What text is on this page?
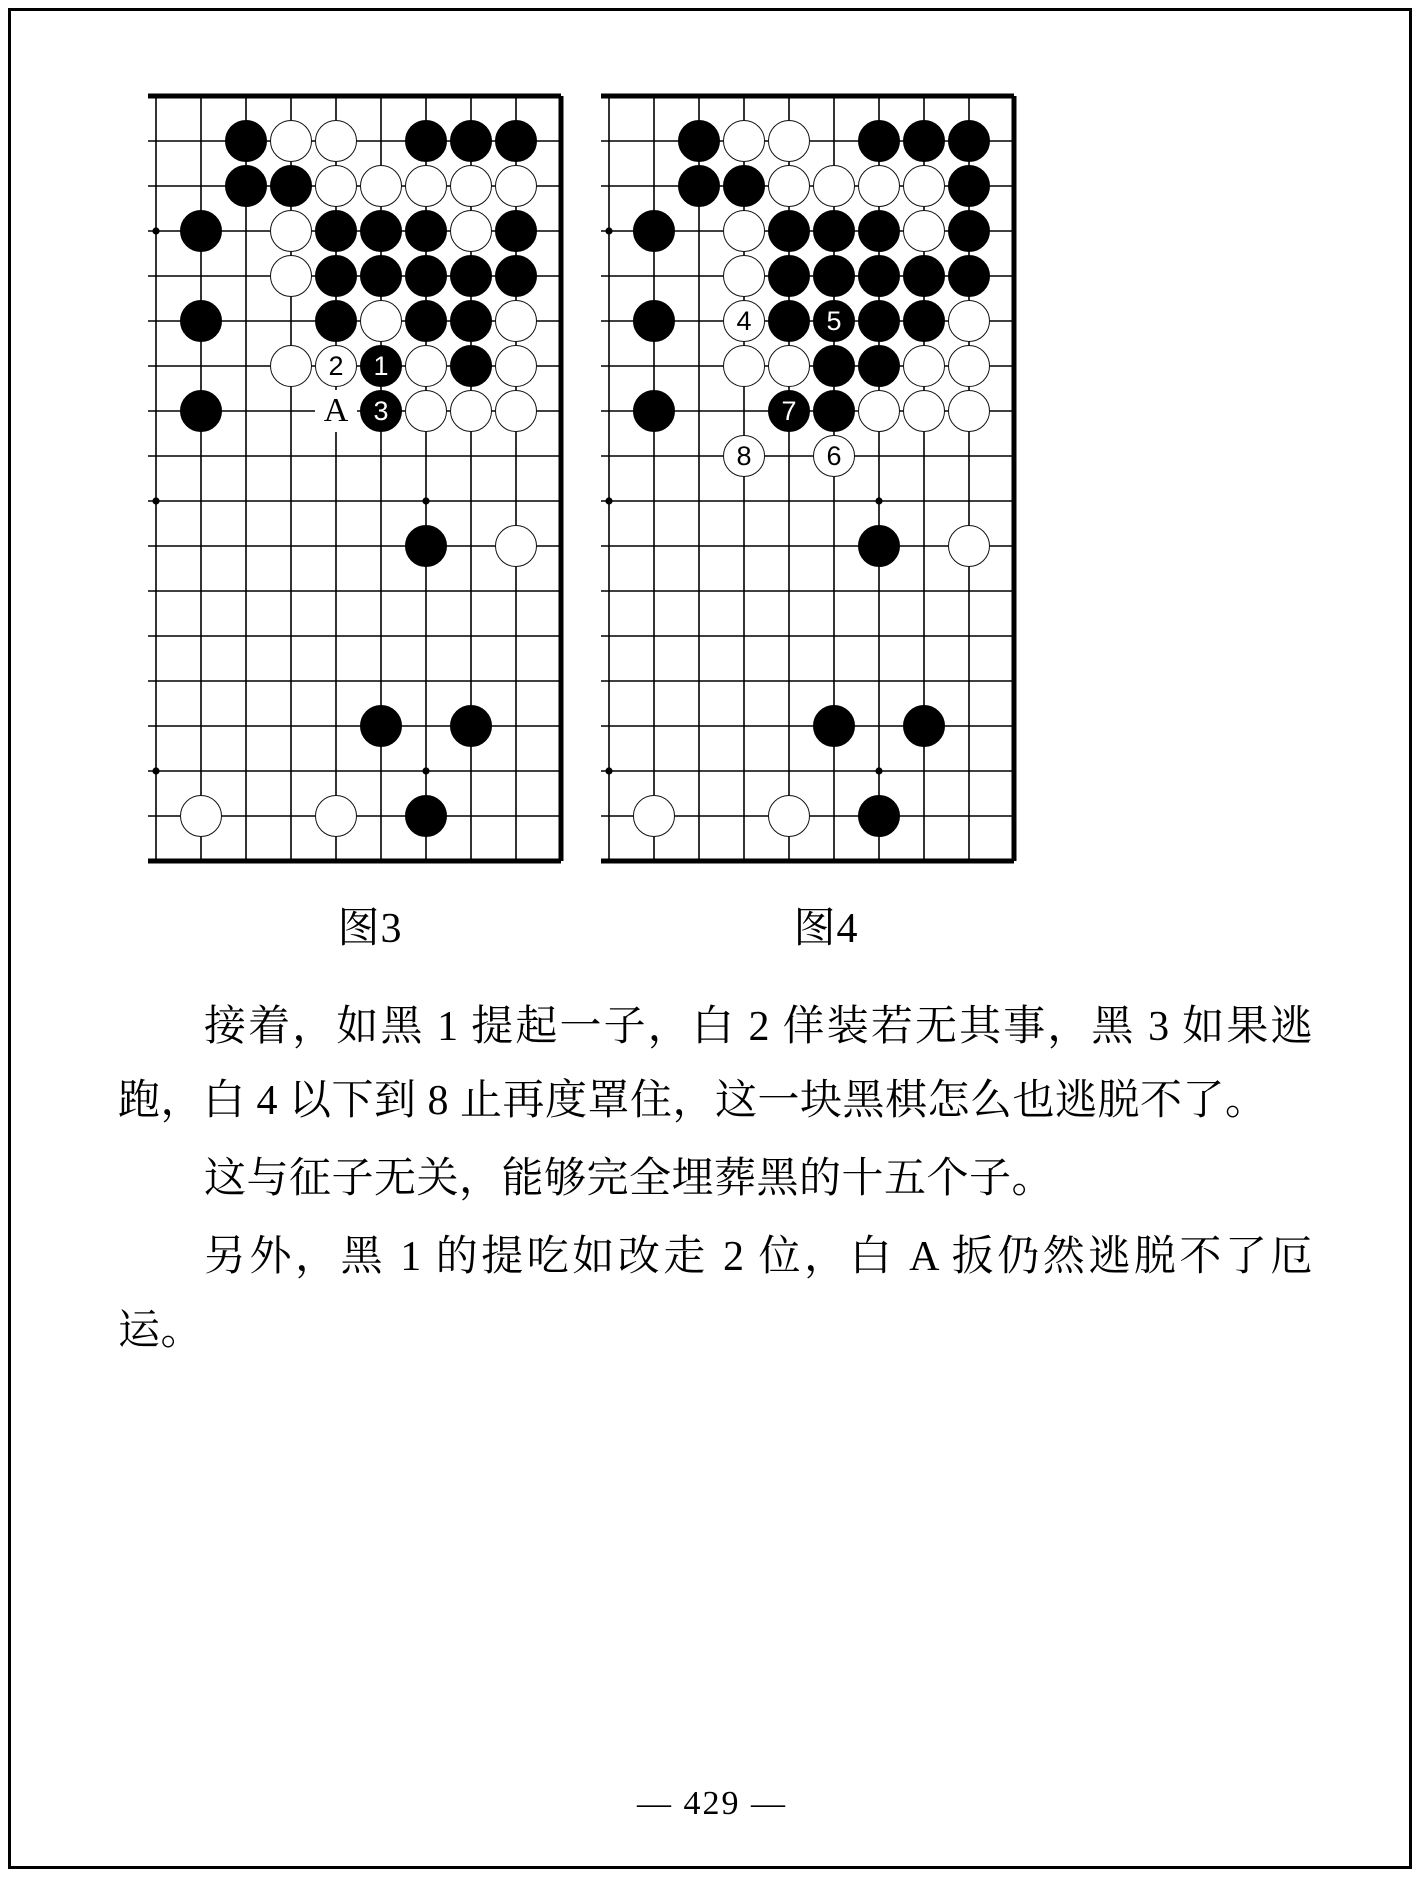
2 1
3
A
4	5
7
8	6
图3	图4

接着，如黑 1 提起一子，白 2 佯装若无其事，黑 3 如果逃跑，白 4 以下到 8 止再度罩住，这一块黑棋怎么也逃脱不了。

这与征子无关，能够完全埋葬黑的十五个子。

另外，黑 1 的提吃如改走 2 位，白 A 扳仍然逃脱不了厄运。

— 429 —
